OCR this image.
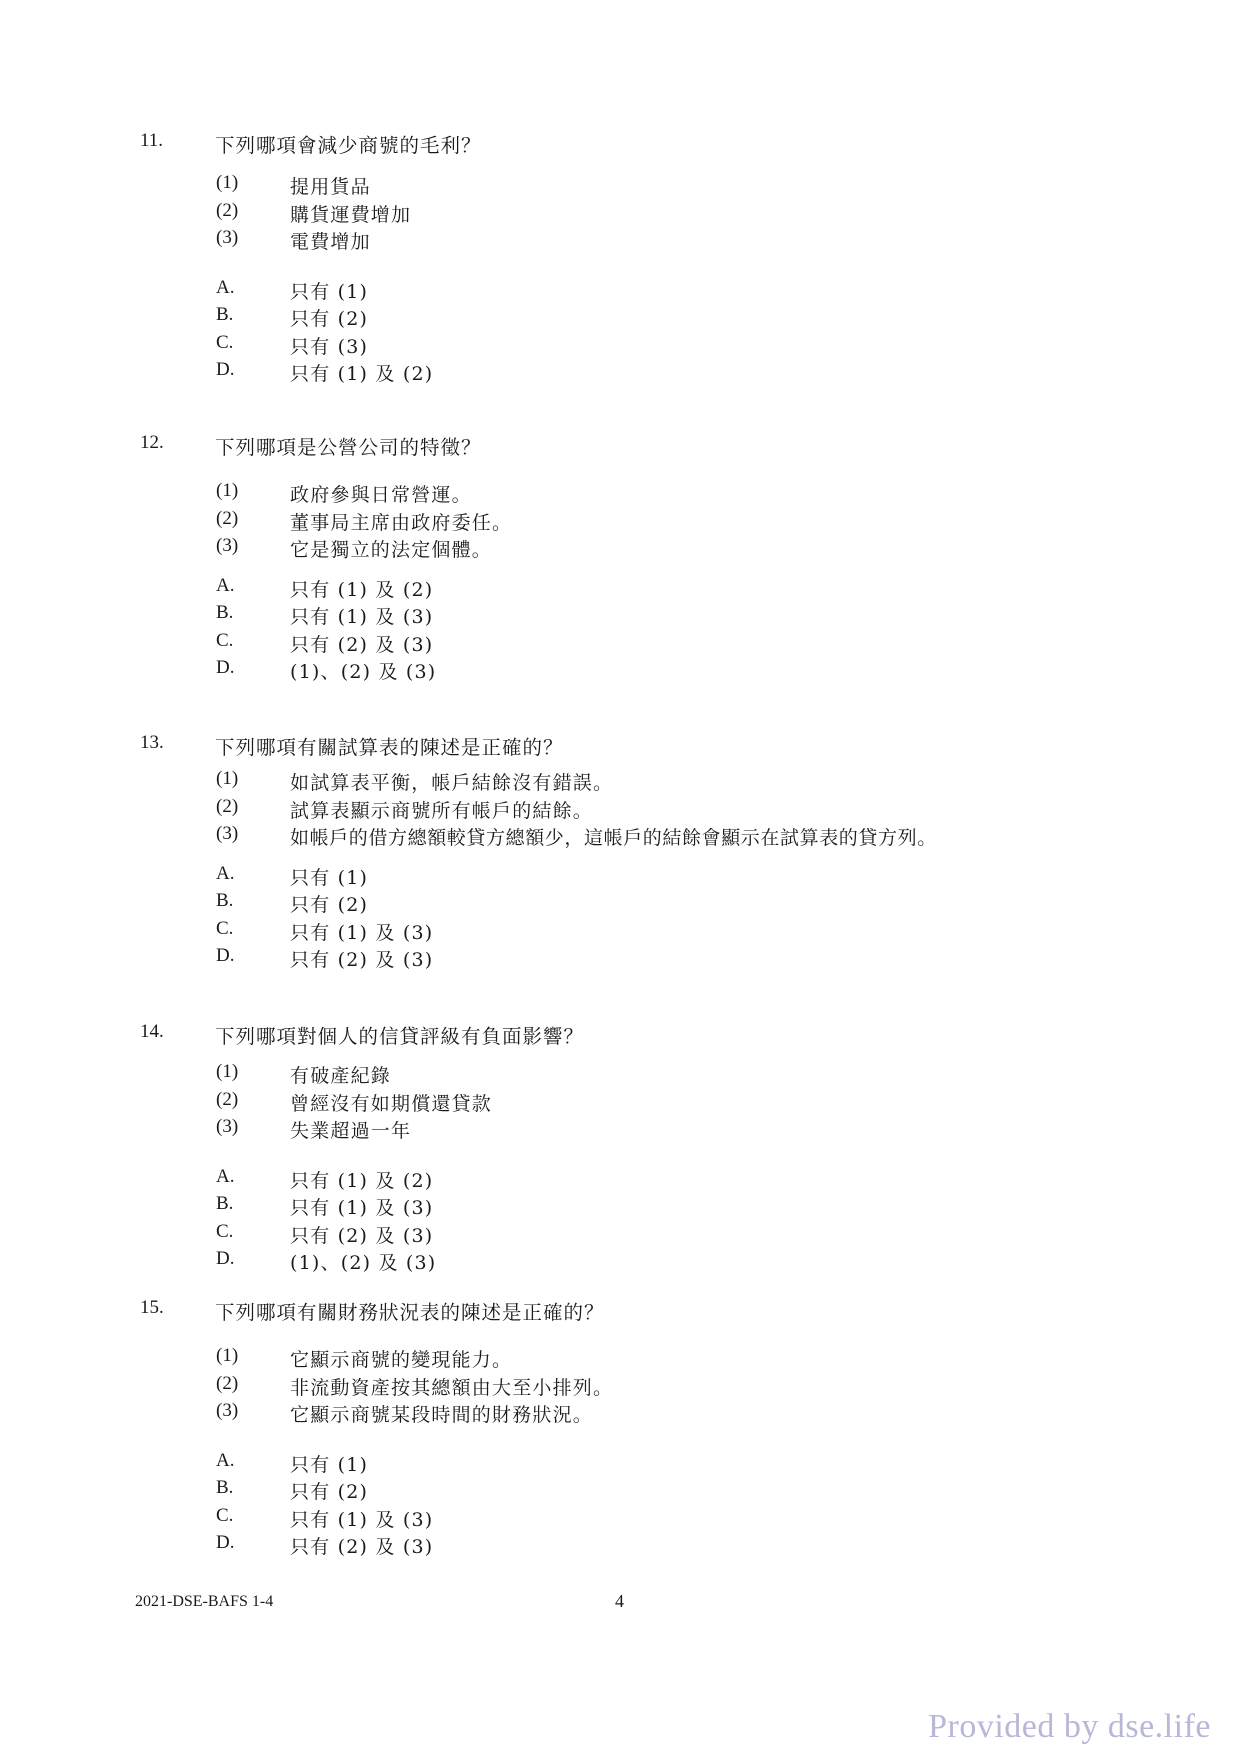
11.	下列哪項會減少商號的毛利？
(1)	提用貨品
(2)	購貨運費增加
(3)	電費增加
A.	只有 (1)
B.	只有 (2)
C.	只有 (3)
D.	只有 (1) 及 (2)
12.	下列哪項是公營公司的特徵？
(1)	政府參與日常營運。
(2)	董事局主席由政府委任。
(3)	它是獨立的法定個體。
A.	只有 (1) 及 (2)
B.	只有 (1) 及 (3)
C.	只有 (2) 及 (3)
D.	(1)、(2) 及 (3)
13.	下列哪項有關試算表的陳述是正確的？
(1)	如試算表平衡，帳戶結餘沒有錯誤。
(2)	試算表顯示商號所有帳戶的結餘。
(3)	如帳戶的借方總額較貸方總額少，這帳戶的結餘會顯示在試算表的貸方列。
A.	只有 (1)
B.	只有 (2)
C.	只有 (1) 及 (3)
D.	只有 (2) 及 (3)
14.	下列哪項對個人的信貸評級有負面影響？
(1)	有破產紀錄
(2)	曾經沒有如期償還貸款
(3)	失業超過一年
A.	只有 (1) 及 (2)
B.	只有 (1) 及 (3)
C.	只有 (2) 及 (3)
D.	(1)、(2) 及 (3)
15.	下列哪項有關財務狀況表的陳述是正確的？
(1)	它顯示商號的變現能力。
(2)	非流動資產按其總額由大至小排列。
(3)	它顯示商號某段時間的財務狀況。
A.	只有 (1)
B.	只有 (2)
C.	只有 (1) 及 (3)
D.	只有 (2) 及 (3)
2021-DSE-BAFS 1-4	4
Provided by dse.life
